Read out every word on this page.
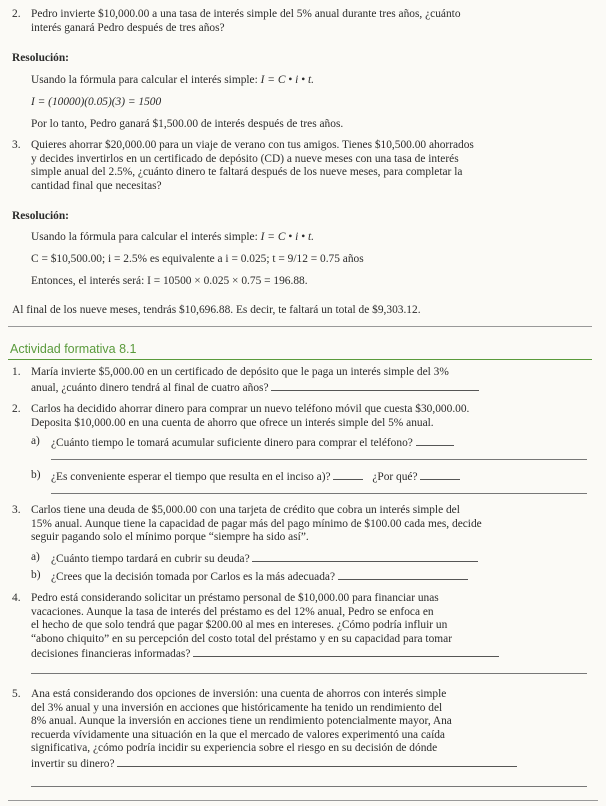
2. Pedro invierte $10,000.00 a una tasa de interés simple del 5% anual durante tres años, ¿cuánto
interés ganará Pedro después de tres años?
Resolución:
Usando la fórmula para calcular el interés simple: I = C • i • t.
I = (10000)(0.05)(3) = 1500
Por lo tanto, Pedro ganará $1,500.00 de interés después de tres años.
3. Quieres ahorrar $20,000.00 para un viaje de verano con tus amigos. Tienes $10,500.00 ahorrados
y decides invertirlos en un certificado de depósito (CD) a nueve meses con una tasa de interés
simple anual del 2.5%, ¿cuánto dinero te faltará después de los nueve meses, para completar la
cantidad final que necesitas?
Resolución:
Usando la fórmula para calcular el interés simple: I = C • i • t.
C = $10,500.00; i = 2.5% es equivalente a i = 0.025; t = 9/12 = 0.75 años
Entonces, el interés será: I = 10500 × 0.025 × 0.75 = 196.88.
Al final de los nueve meses, tendrás $10,696.88. Es decir, te faltará un total de $9,303.12.
Actividad formativa 8.1
1. María invierte $5,000.00 en un certificado de depósito que le paga un interés simple del 3%
anual, ¿cuánto dinero tendrá al final de cuatro años?
2. Carlos ha decidido ahorrar dinero para comprar un nuevo teléfono móvil que cuesta $30,000.00.
Deposita $10,000.00 en una cuenta de ahorro que ofrece un interés simple del 5% anual.
a) ¿Cuánto tiempo le tomará acumular suficiente dinero para comprar el teléfono?
b) ¿Es conveniente esperar el tiempo que resulta en el inciso a)?	¿Por qué?
3. Carlos tiene una deuda de $5,000.00 con una tarjeta de crédito que cobra un interés simple del
15% anual. Aunque tiene la capacidad de pagar más del pago mínimo de $100.00 cada mes, decide
seguir pagando solo el mínimo porque “siempre ha sido así”.
a) ¿Cuánto tiempo tardará en cubrir su deuda?
b) ¿Crees que la decisión tomada por Carlos es la más adecuada?
4. Pedro está considerando solicitar un préstamo personal de $10,000.00 para financiar unas
vacaciones. Aunque la tasa de interés del préstamo es del 12% anual, Pedro se enfoca en
el hecho de que solo tendrá que pagar $200.00 al mes en intereses. ¿Cómo podría influir un
“abono chiquito” en su percepción del costo total del préstamo y en su capacidad para tomar
decisiones financieras informadas?
5. Ana está considerando dos opciones de inversión: una cuenta de ahorros con interés simple
del 3% anual y una inversión en acciones que históricamente ha tenido un rendimiento del
8% anual. Aunque la inversión en acciones tiene un rendimiento potencialmente mayor, Ana
recuerda vívidamente una situación en la que el mercado de valores experimentó una caída
significativa, ¿cómo podría incidir su experiencia sobre el riesgo en su decisión de dónde
invertir su dinero?
